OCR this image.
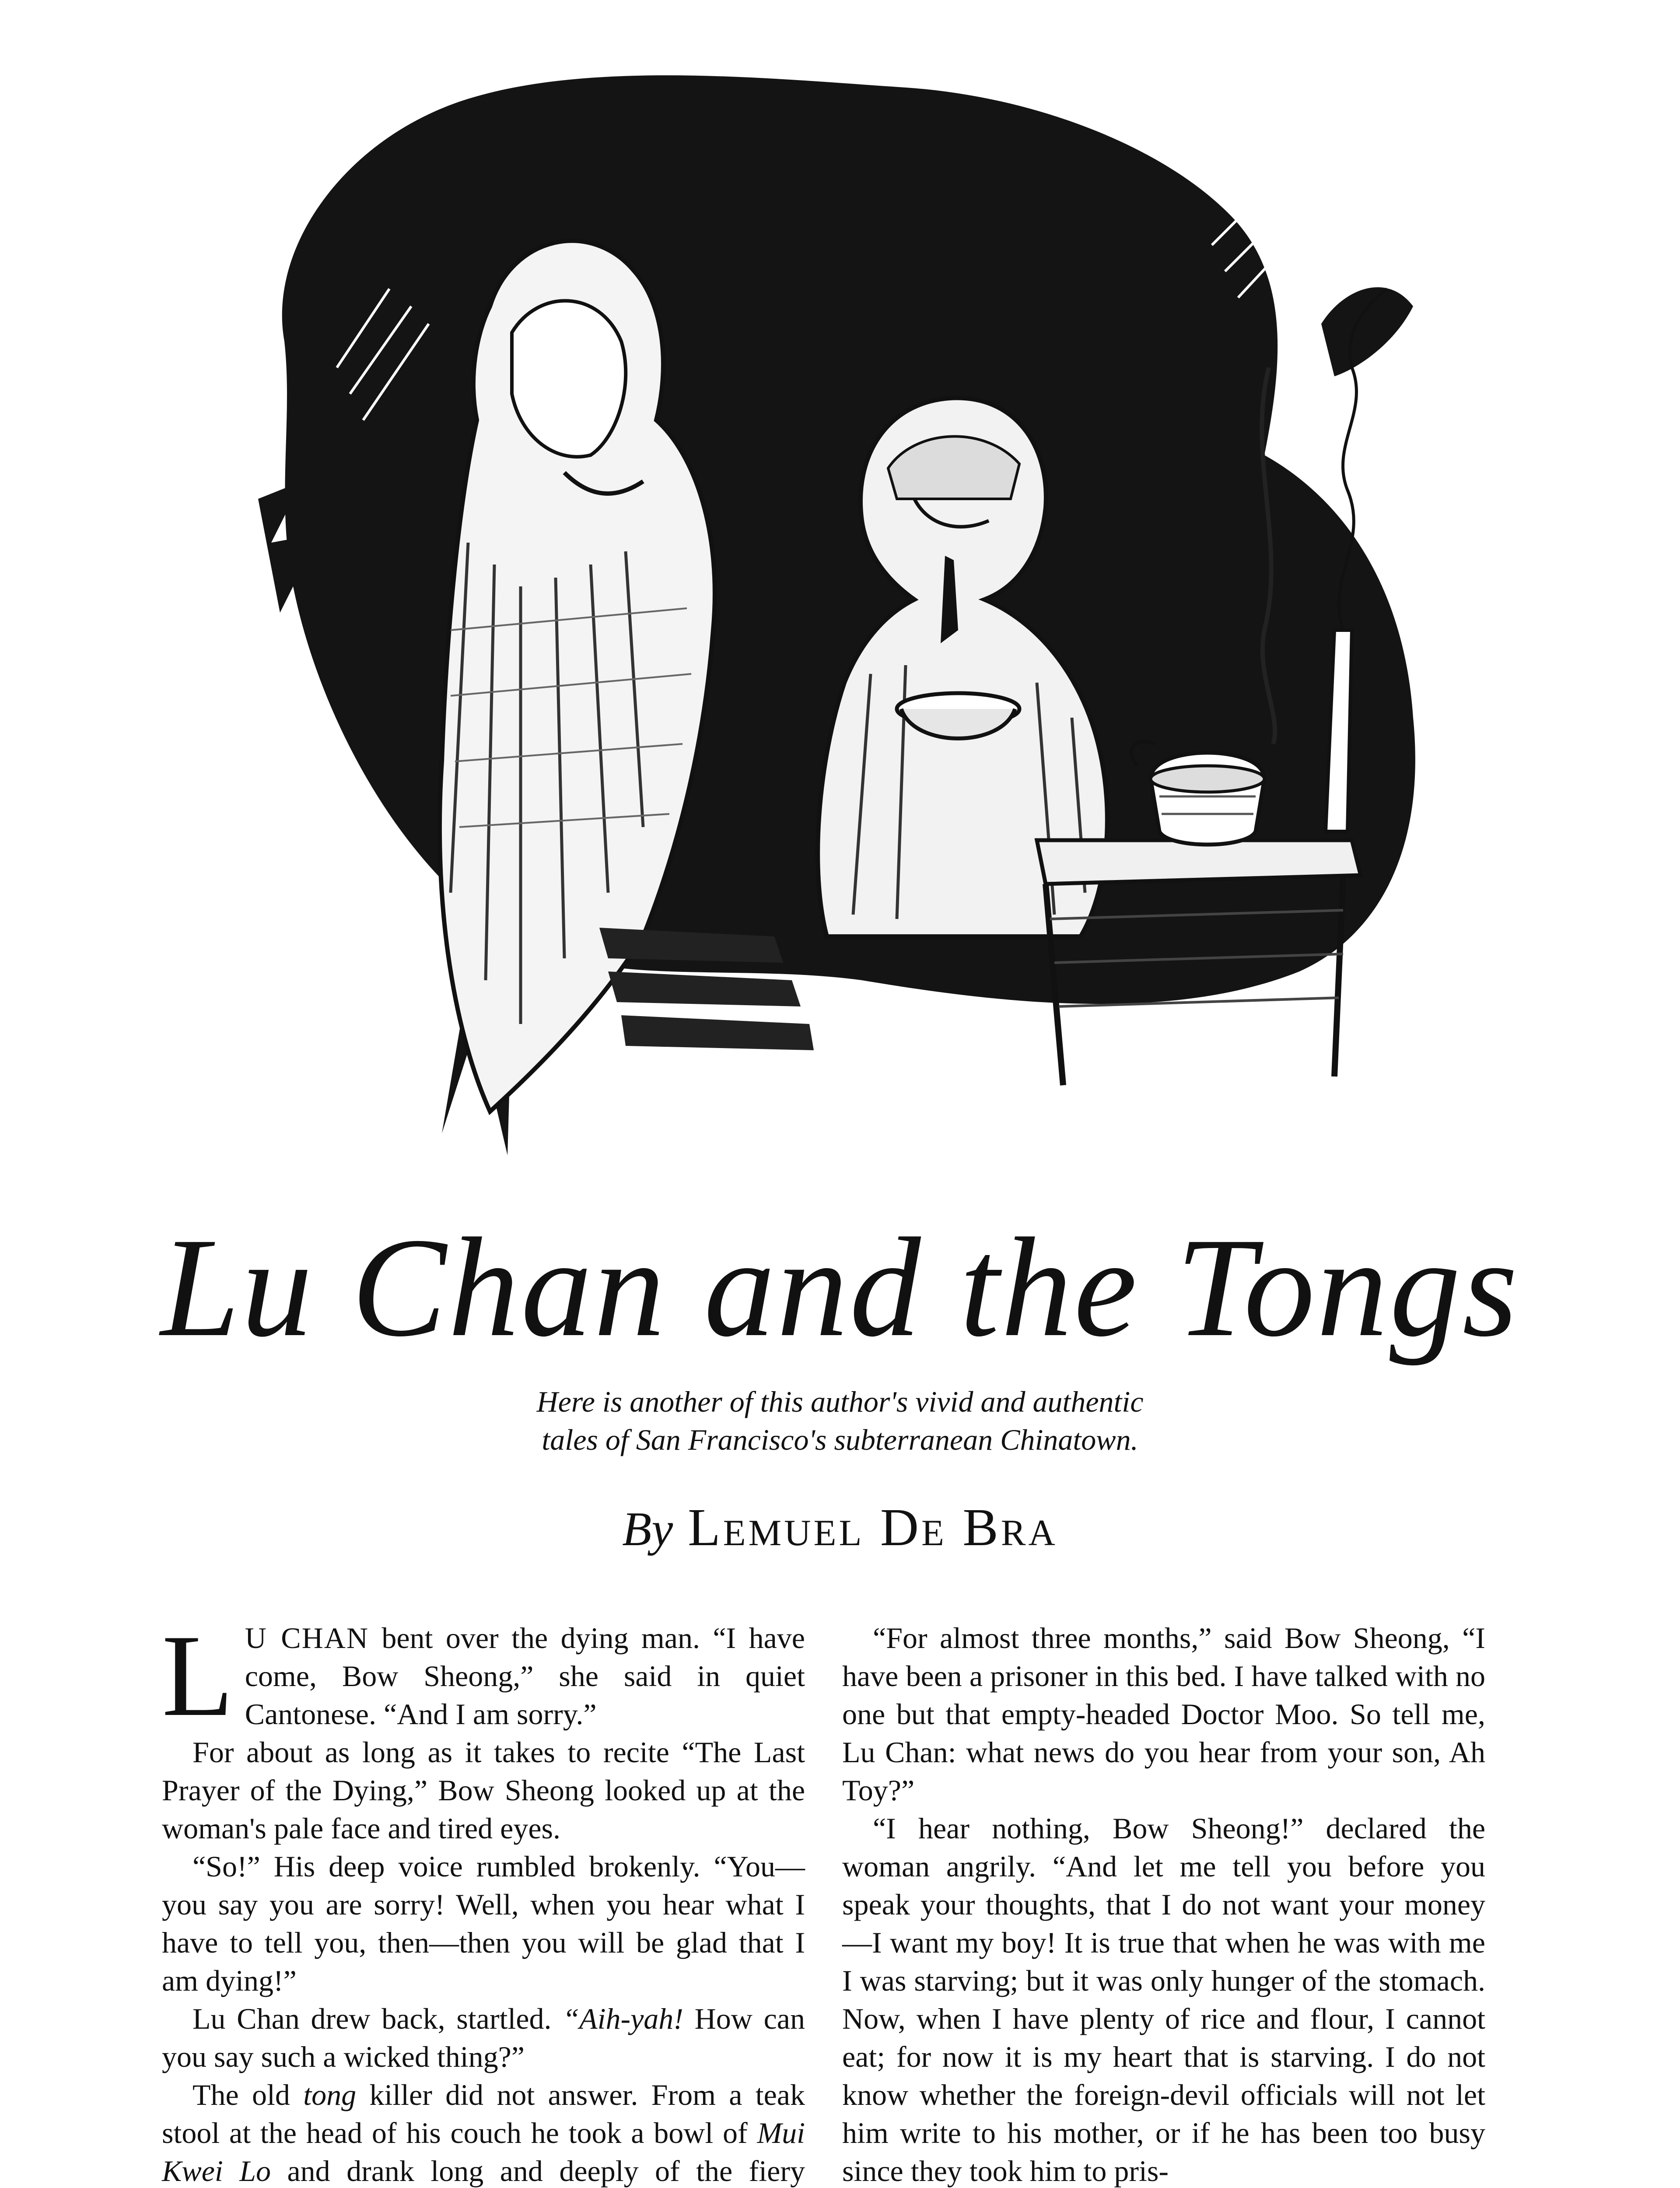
Lu Chan and the Tongs
Here is another of this author's vivid and authentic
tales of San Francisco's subterranean Chinatown.
By Lemuel De Bra

L U CHAN bent over the dying man. “I have come, Bow Sheong,” she said in quiet Cantonese. “And I am sorry.”

For about as long as it takes to recite “The Last Prayer of the Dying,” Bow Sheong looked up at the woman's pale face and tired eyes.

“So!” His deep voice rumbled brokenly. “You—you say you are sorry! Well, when you hear what I have to tell you, then—then you will be glad that I am dying!”

Lu Chan drew back, startled. “Aih-yah! How can you say such a wicked thing?”

The old tong killer did not answer. From a teak stool at the head of his couch he took a bowl of Mui Kwei Lo and drank long and deeply of the fiery

“For almost three months,” said Bow Sheong, “I have been a prisoner in this bed. I have talked with no one but that empty-headed Doctor Moo. So tell me, Lu Chan: what news do you hear from your son, Ah Toy?”

“I hear nothing, Bow Sheong!” declared the woman angrily. “And let me tell you before you speak your thoughts, that I do not want your money—I want my boy! It is true that when he was with me I was starving; but it was only hunger of the stomach. Now, when I have plenty of rice and flour, I cannot eat; for now it is my heart that is starving. I do not know whether the foreign-devil officials will not let him write to his mother, or if he has been too busy since they took him to pris-
